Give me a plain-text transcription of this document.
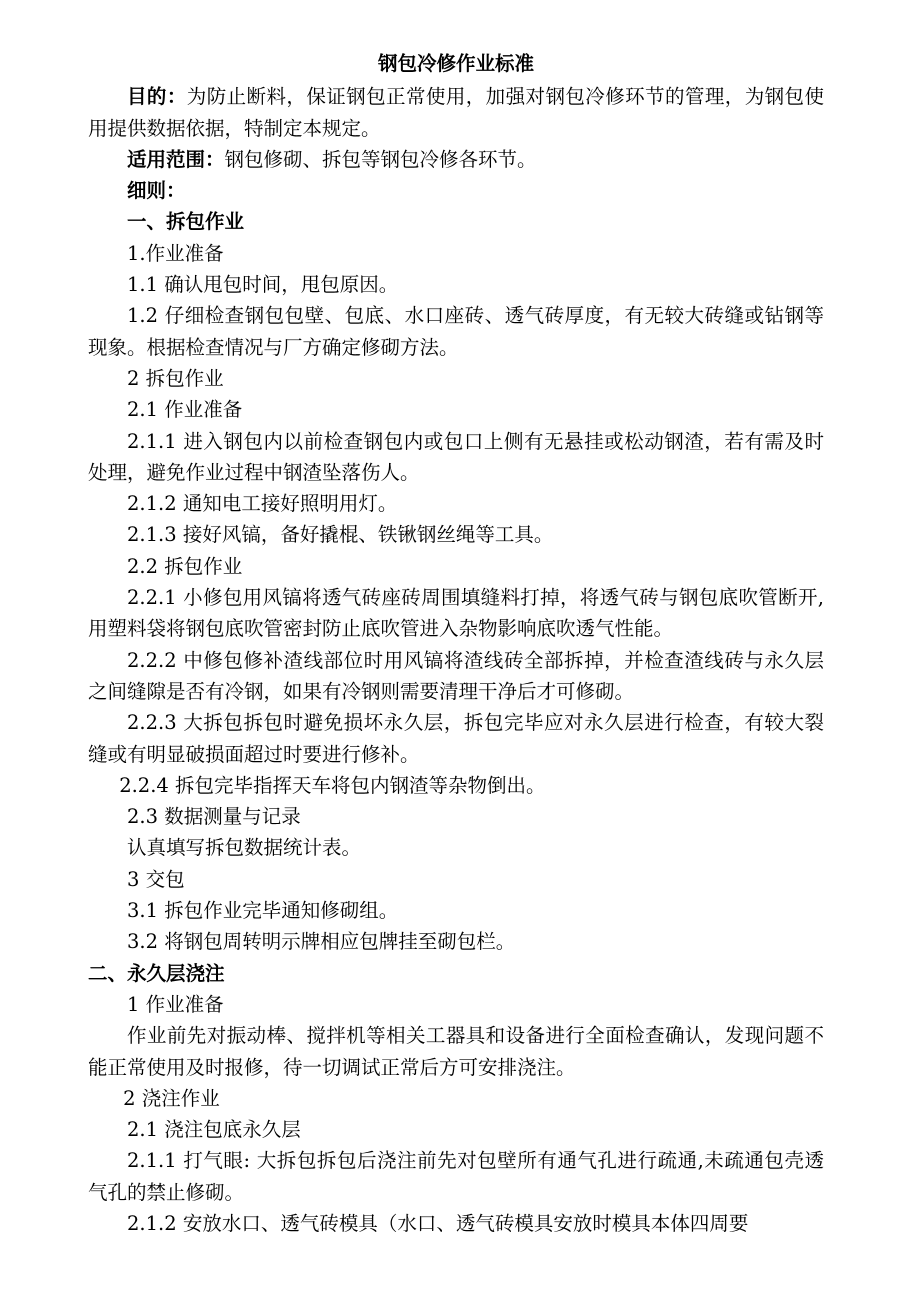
钢包冷修作业标准

目的：为防止断料，保证钢包正常使用，加强对钢包冷修环节的管理，为钢包使用提供数据依据，特制定本规定。

适用范围：钢包修砌、拆包等钢包冷修各环节。

细则：

一、拆包作业

1.作业准备

1.1 确认甩包时间，甩包原因。

1.2 仔细检查钢包包壁、包底、水口座砖、透气砖厚度，有无较大砖缝或钻钢等现象。根据检查情况与厂方确定修砌方法。

2 拆包作业

2.1 作业准备

2.1.1 进入钢包内以前检查钢包内或包口上侧有无悬挂或松动钢渣，若有需及时处理，避免作业过程中钢渣坠落伤人。

2.1.2 通知电工接好照明用灯。

2.1.3 接好风镐，备好撬棍、铁锹钢丝绳等工具。

2.2 拆包作业

2.2.1 小修包用风镐将透气砖座砖周围填缝料打掉，将透气砖与钢包底吹管断开,用塑料袋将钢包底吹管密封防止底吹管进入杂物影响底吹透气性能。

2.2.2 中修包修补渣线部位时用风镐将渣线砖全部拆掉，并检查渣线砖与永久层之间缝隙是否有冷钢，如果有冷钢则需要清理干净后才可修砌。

2.2.3 大拆包拆包时避免损坏永久层，拆包完毕应对永久层进行检查，有较大裂缝或有明显破损面超过时要进行修补。

2.2.4 拆包完毕指挥天车将包内钢渣等杂物倒出。

2.3 数据测量与记录

认真填写拆包数据统计表。

3 交包

3.1 拆包作业完毕通知修砌组。

3.2 将钢包周转明示牌相应包牌挂至砌包栏。

二、永久层浇注

1 作业准备

作业前先对振动棒、搅拌机等相关工器具和设备进行全面检查确认，发现问题不能正常使用及时报修，待一切调试正常后方可安排浇注。

2 浇注作业

2.1 浇注包底永久层

2.1.1 打气眼: 大拆包拆包后浇注前先对包壁所有通气孔进行疏通,未疏通包壳透气孔的禁止修砌。

2.1.2 安放水口、透气砖模具（水口、透气砖模具安放时模具本体四周要
